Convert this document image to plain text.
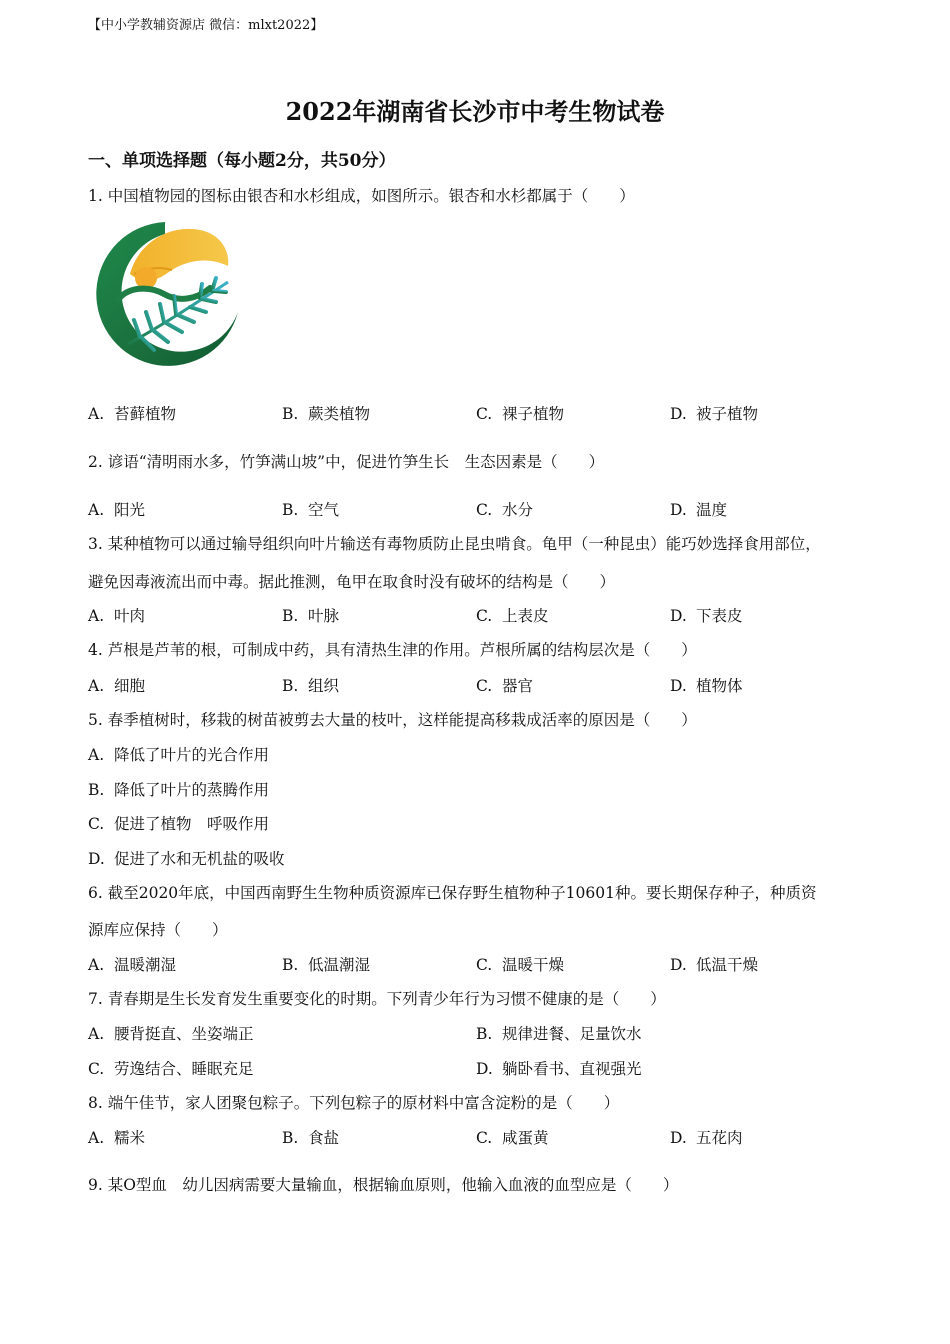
【中小学教辅资源店 微信：mlxt2022】
2022年湖南省长沙市中考生物试卷
一、单项选择题（每小题2分，共50分）
1. 中国植物园的图标由银杏和水杉组成，如图所示。银杏和水杉都属于（　　）
A. 苔藓植物	B. 蕨类植物	C. 裸子植物	D. 被子植物
2. 谚语“清明雨水多，竹笋满山坡”中，促进竹笋生长　生态因素是（　　）
A. 阳光	B. 空气	C. 水分	D. 温度
3. 某种植物可以通过输导组织向叶片输送有毒物质防止昆虫啃食。龟甲（一种昆虫）能巧妙选择食用部位，
避免因毒液流出而中毒。据此推测，龟甲在取食时没有破坏的结构是（　　）
A. 叶肉	B. 叶脉	C. 上表皮	D. 下表皮
4. 芦根是芦苇的根，可制成中药，具有清热生津的作用。芦根所属的结构层次是（　　）
A. 细胞	B. 组织	C. 器官	D. 植物体
5. 春季植树时，移栽的树苗被剪去大量的枝叶，这样能提高移栽成活率的原因是（　　）
A. 降低了叶片的光合作用
B. 降低了叶片的蒸腾作用
C. 促进了植物　呼吸作用
D. 促进了水和无机盐的吸收
6. 截至2020年底，中国西南野生生物种质资源库已保存野生植物种子10601种。要长期保存种子，种质资
源库应保持（　　）
A. 温暖潮湿	B. 低温潮湿	C. 温暖干燥	D. 低温干燥
7. 青春期是生长发育发生重要变化的时期。下列青少年行为习惯不健康的是（　　）
A. 腰背挺直、坐姿端正	B. 规律进餐、足量饮水
C. 劳逸结合、睡眠充足	D. 躺卧看书、直视强光
8. 端午佳节，家人团聚包粽子。下列包粽子的原材料中富含淀粉的是（　　）
A. 糯米	B. 食盐	C. 咸蛋黄	D. 五花肉
9. 某O型血　幼儿因病需要大量输血，根据输血原则，他输入血液的血型应是（　　）
